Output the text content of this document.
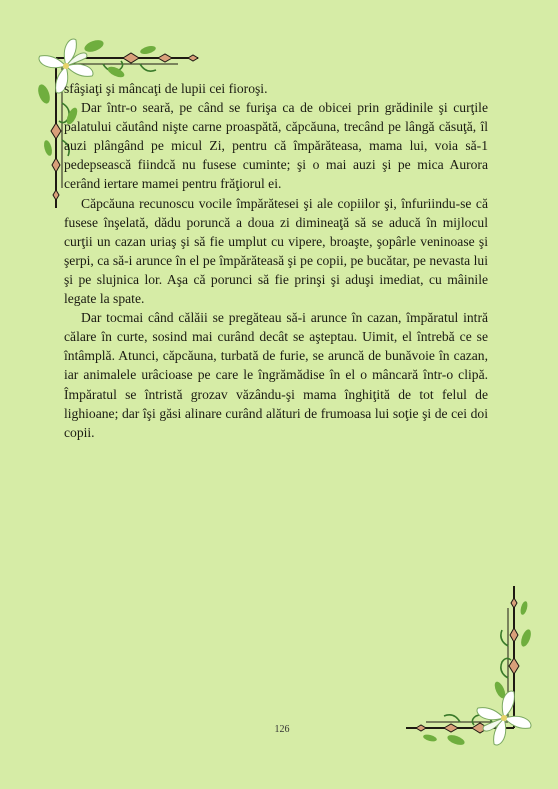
sfâşiaţi şi mâncaţi de lupii cei fioroşi.

Dar într-o seară, pe când se furişa ca de obicei prin grădinile şi curţile palatului căutând nişte carne proaspătă, căpcăuna, trecând pe lângă căsuţă, îl auzi plângând pe micul Zi, pentru că împărăteasa, mama lui, voia să-1 pedepsească fiindcă nu fusese cuminte; şi o mai auzi şi pe mica Aurora cerând iertare mamei pentru frăţiorul ei.

Căpcăuna recunoscu vocile împărătesei şi ale copiilor şi, înfuriindu-se că fusese înşelată, dădu poruncă a doua zi dimineaţă să se aducă în mijlocul curţii un cazan uriaş şi să fie umplut cu vipere, broaşte, şopârle veninoase şi şerpi, ca să-i arunce în el pe împărăteasă şi pe copii, pe bucătar, pe nevasta lui şi pe slujnica lor. Aşa că porunci să fie prinşi şi aduşi imediat, cu mâinile legate la spate.

Dar tocmai când călăii se pregăteau să-i arunce în cazan, împăratul intră călare în curte, sosind mai curând decât se aşteptau. Uimit, el întrebă ce se întâmplă. Atunci, căpcăuna, turbată de furie, se aruncă de bunăvoie în cazan, iar animalele urâcioase pe care le îngrămădise în el o mâncară într-o clipă. Împăratul se întristă grozav văzându-şi mama înghiţită de tot felul de lighioane; dar îşi găsi alinare curând alături de frumoasa lui soţie şi de cei doi copii.

126
